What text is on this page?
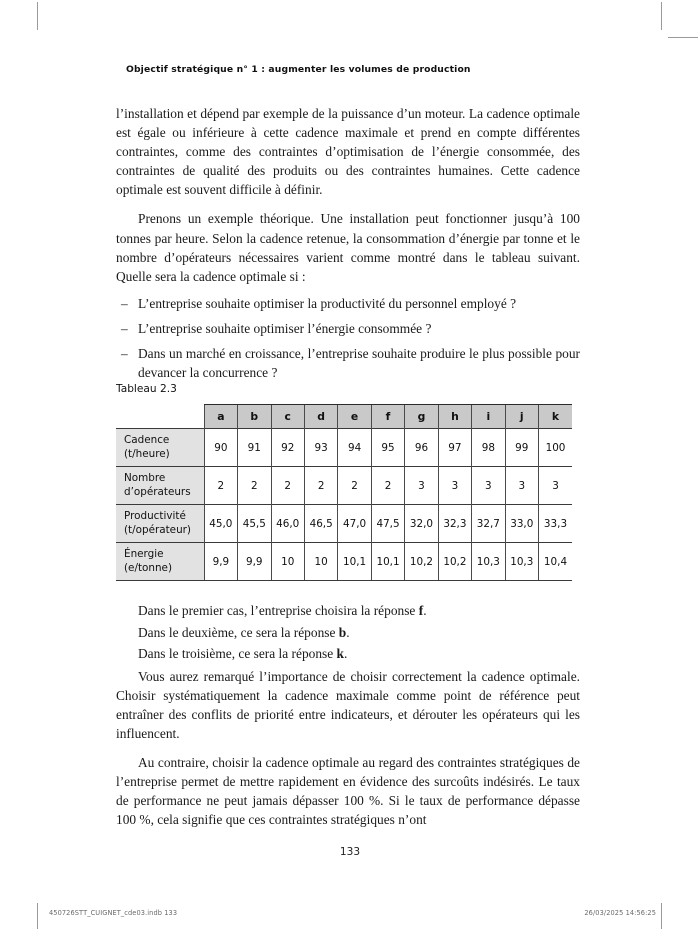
Objectif stratégique n° 1 : augmenter les volumes de production

l’installation et dépend par exemple de la puissance d’un moteur. La cadence optimale est égale ou inférieure à cette cadence maximale et prend en compte différentes contraintes, comme des contraintes d’optimisation de l’énergie consommée, des contraintes de qualité des produits ou des contraintes humaines. Cette cadence optimale est souvent difficile à définir.

Prenons un exemple théorique. Une installation peut fonctionner jusqu’à 100 tonnes par heure. Selon la cadence retenue, la consommation d’énergie par tonne et le nombre d’opérateurs nécessaires varient comme montré dans le tableau suivant. Quelle sera la cadence optimale si :

– L’entreprise souhaite optimiser la productivité du personnel employé ?
– L’entreprise souhaite optimiser l’énergie consommée ?
– Dans un marché en croissance, l’entreprise souhaite produire le plus possible pour devancer la concurrence ?
Tableau 2.3
	a	b	c	d	e	f	g	h	i	j	k

Cadence
(t/heure)	90	91	92	93	94	95	96	97	98	99	100

Nombre
d’opérateurs	2	2	2	2	2	2	3	3	3	3	3

Productivité
(t/opérateur)	45,0	45,5	46,0	46,5	47,0	47,5	32,0	32,3	32,7	33,0	33,3

Énergie
(e/tonne)	9,9	9,9	10	10	10,1	10,1	10,2	10,2	10,3	10,3	10,4

Dans le premier cas, l’entreprise choisira la réponse f.

Dans le deuxième, ce sera la réponse b.

Dans le troisième, ce sera la réponse k.

Vous aurez remarqué l’importance de choisir correctement la cadence optimale. Choisir systématiquement la cadence maximale comme point de référence peut entraîner des conflits de priorité entre indicateurs, et dérouter les opérateurs qui les influencent.

Au contraire, choisir la cadence optimale au regard des contraintes stratégiques de l’entreprise permet de mettre rapidement en évidence des surcoûts indésirés. Le taux de performance ne peut jamais dépasser 100 %. Si le taux de performance dépasse 100 %, cela signifie que ces contraintes stratégiques n’ont

133
450726STT_CUIGNET_cde03.indb 133	26/03/2025 14:56:25
